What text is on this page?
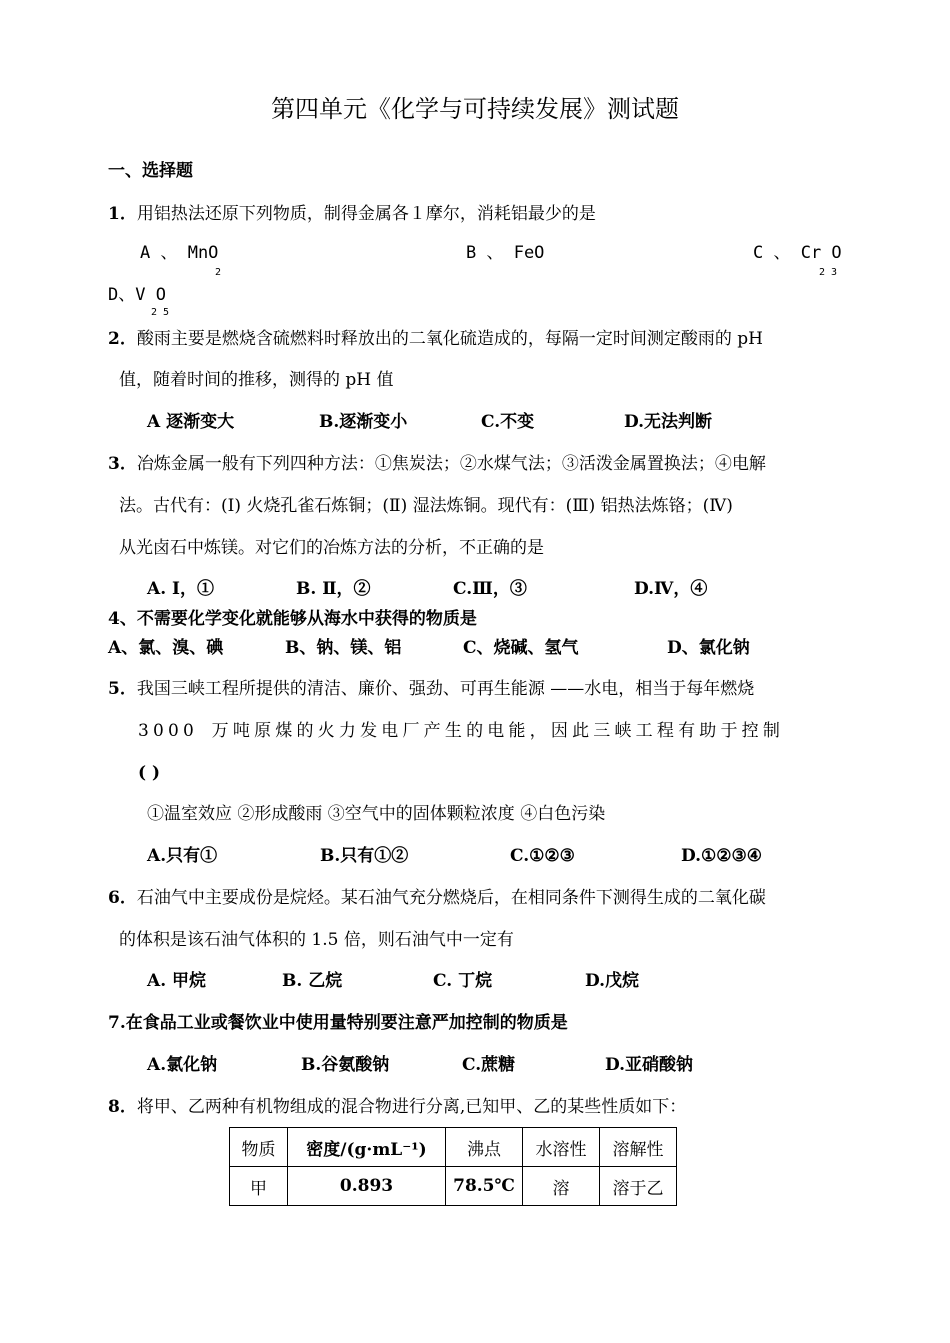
第四单元《化学与可持续发展》测试题
一、选择题
1．用铝热法还原下列物质，制得金属各１摩尔，消耗铝最少的是
A 、 MnO
2
B 、 FeO	C 、 Cr O
2 3
D、V O
2 5
2．酸雨主要是燃烧含硫燃料时释放出的二氧化硫造成的，每隔一定时间测定酸雨的 pH
值，随着时间的推移，测得的 pH 值
A 逐渐变大	B.逐渐变小	C.不变	D.无法判断
3．冶炼金属一般有下列四种方法：①焦炭法；②水煤气法；③活泼金属置换法；④电解
法。古代有：(Ⅰ) 火烧孔雀石炼铜；(Ⅱ) 湿法炼铜。现代有：(Ⅲ) 铝热法炼铬；(Ⅳ)
从光卤石中炼镁。对它们的冶炼方法的分析，不正确的是
A. Ⅰ，①	B. Ⅱ，②	C.Ⅲ，③	D.Ⅳ，④
4、不需要化学变化就能够从海水中获得的物质是
A、氯、溴、碘	B、钠、镁、铝	C、烧碱、氢气	D、氯化钠
5．我国三峡工程所提供的清洁、廉价、强劲、可再生能源 ——水电，相当于每年燃烧
3000 万吨原煤的火力发电厂产生的电能，因此三峡工程有助于控制
( )
①温室效应 ②形成酸雨 ③空气中的固体颗粒浓度 ④白色污染
A.只有①	B.只有①②	C.①②③	D.①②③④
6．石油气中主要成份是烷烃。某石油气充分燃烧后，在相同条件下测得生成的二氧化碳
的体积是该石油气体积的 1.5 倍，则石油气中一定有
A. 甲烷	B. 乙烷	C. 丁烷	D.戊烷
7.在食品工业或餐饮业中使用量特别要注意严加控制的物质是
A.氯化钠	B.谷氨酸钠	C.蔗糖	D.亚硝酸钠
8．将甲、乙两种有机物组成的混合物进行分离,已知甲、乙的某些性质如下：
物质	密度/(g·mL⁻¹)	沸点	水溶性	溶解性
甲	0.893	78.5℃	溶	溶于乙
